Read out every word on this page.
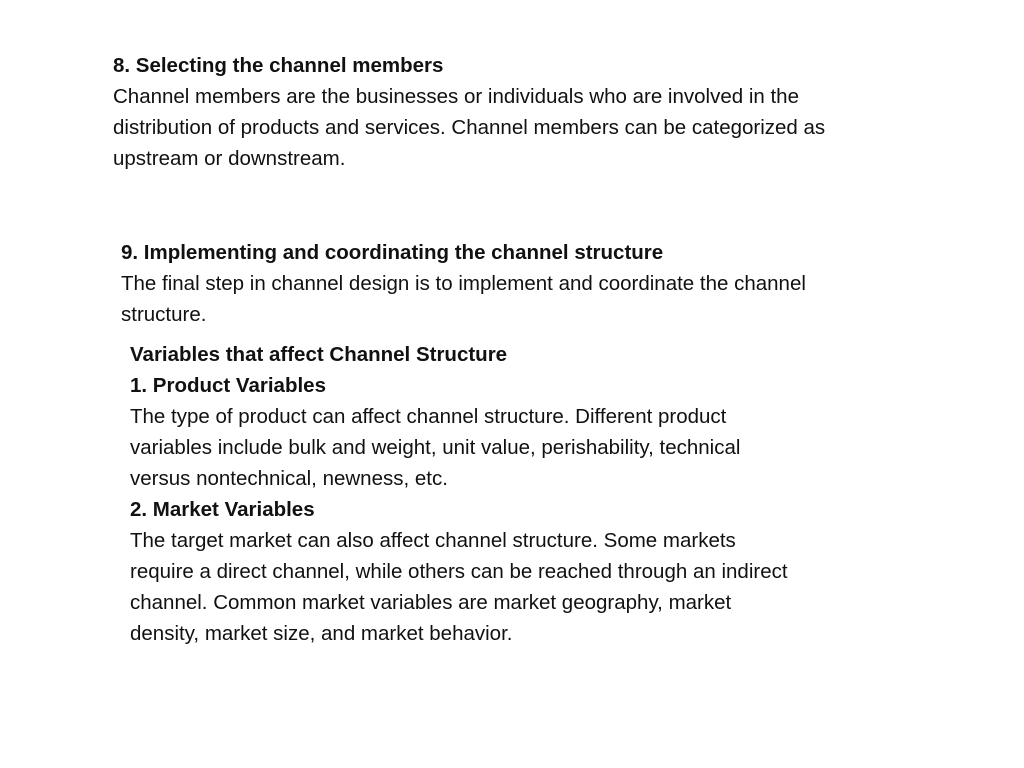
8. Selecting the channel members
Channel members are the businesses or individuals who are involved in the
distribution of products and services. Channel members can be categorized as
upstream or downstream.
9. Implementing and coordinating the channel structure
The final step in channel design is to implement and coordinate the channel
structure.
Variables that affect Channel Structure
1. Product Variables
The type of product can affect channel structure. Different product
variables include bulk and weight, unit value, perishability, technical
versus nontechnical, newness, etc.
2. Market Variables
The target market can also affect channel structure. Some markets
require a direct channel, while others can be reached through an indirect
channel. Common market variables are market geography, market
density, market size, and market behavior.
